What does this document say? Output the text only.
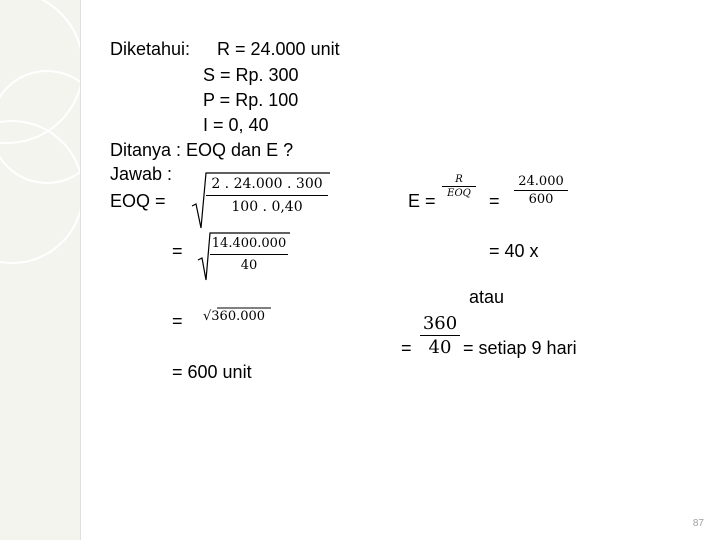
Diketahui: R = 24.000 unit
S = Rp. 300
P = Rp. 100
I = 0, 40
Ditanya : EOQ dan E ?
Jawab :
EOQ =
2 . 24.000 . 300
100 . 0,40
= 14.400.000
40
= √360.000
= 600 unit
E =
R
EOQ =
24.000
600
= 40 x
atau
=
360
40 = setiap 9 hari
87
